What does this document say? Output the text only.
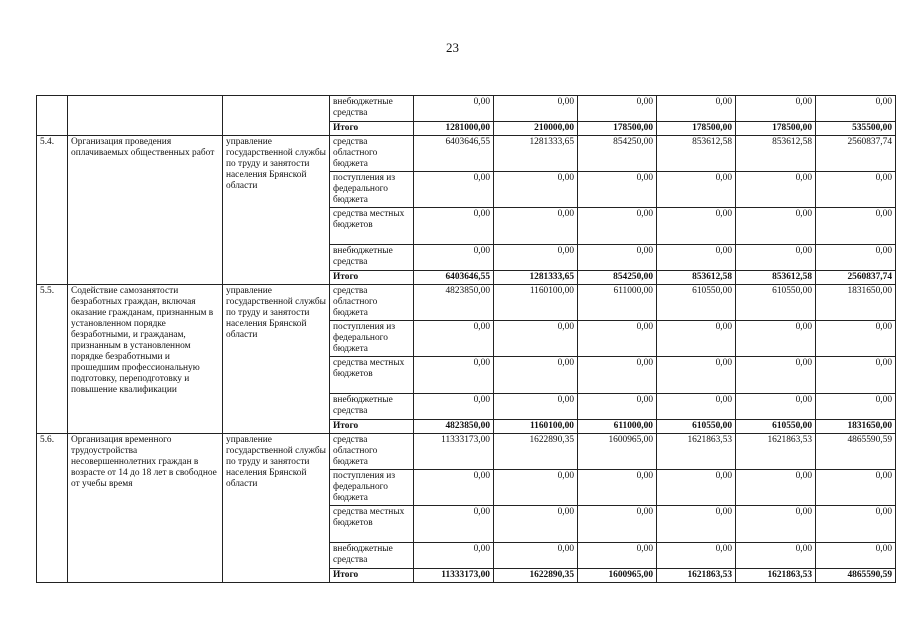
23
			внебюджетные средства	0,00	0,00	0,00	0,00	0,00	0,00
			Итого	1281000,00	210000,00	178500,00	178500,00	178500,00	535500,00
5.4.	Организация проведения оплачиваемых общественных работ	управление государственной службы по труду и занятости населения Брянской области	средства областного бюджета	6403646,55	1281333,65	854250,00	853612,58	853612,58	2560837,74
			поступления из федерального бюджета	0,00	0,00	0,00	0,00	0,00	0,00
			средства местных бюджетов	0,00	0,00	0,00	0,00	0,00	0,00
			внебюджетные средства	0,00	0,00	0,00	0,00	0,00	0,00
			Итого	6403646,55	1281333,65	854250,00	853612,58	853612,58	2560837,74
5.5.	Содействие самозанятости безработных граждан, включая оказание гражданам, признанным в установленном порядке безработными, и гражданам, признанным в установленном порядке безработными и прошедшим профессиональную подготовку, переподготовку и повышение квалификации	управление государственной службы по труду и занятости населения Брянской области	средства областного бюджета	4823850,00	1160100,00	611000,00	610550,00	610550,00	1831650,00
			поступления из федерального бюджета	0,00	0,00	0,00	0,00	0,00	0,00
			средства местных бюджетов	0,00	0,00	0,00	0,00	0,00	0,00
			внебюджетные средства	0,00	0,00	0,00	0,00	0,00	0,00
			Итого	4823850,00	1160100,00	611000,00	610550,00	610550,00	1831650,00
5.6.	Организация временного трудоустройства несовершеннолетних граждан в возрасте от 14 до 18 лет в свободное от учебы время	управление государственной службы по труду и занятости населения Брянской области	средства областного бюджета	11333173,00	1622890,35	1600965,00	1621863,53	1621863,53	4865590,59
			поступления из федерального бюджета	0,00	0,00	0,00	0,00	0,00	0,00
			средства местных бюджетов	0,00	0,00	0,00	0,00	0,00	0,00
			внебюджетные средства	0,00	0,00	0,00	0,00	0,00	0,00
			Итого	11333173,00	1622890,35	1600965,00	1621863,53	1621863,53	4865590,59
